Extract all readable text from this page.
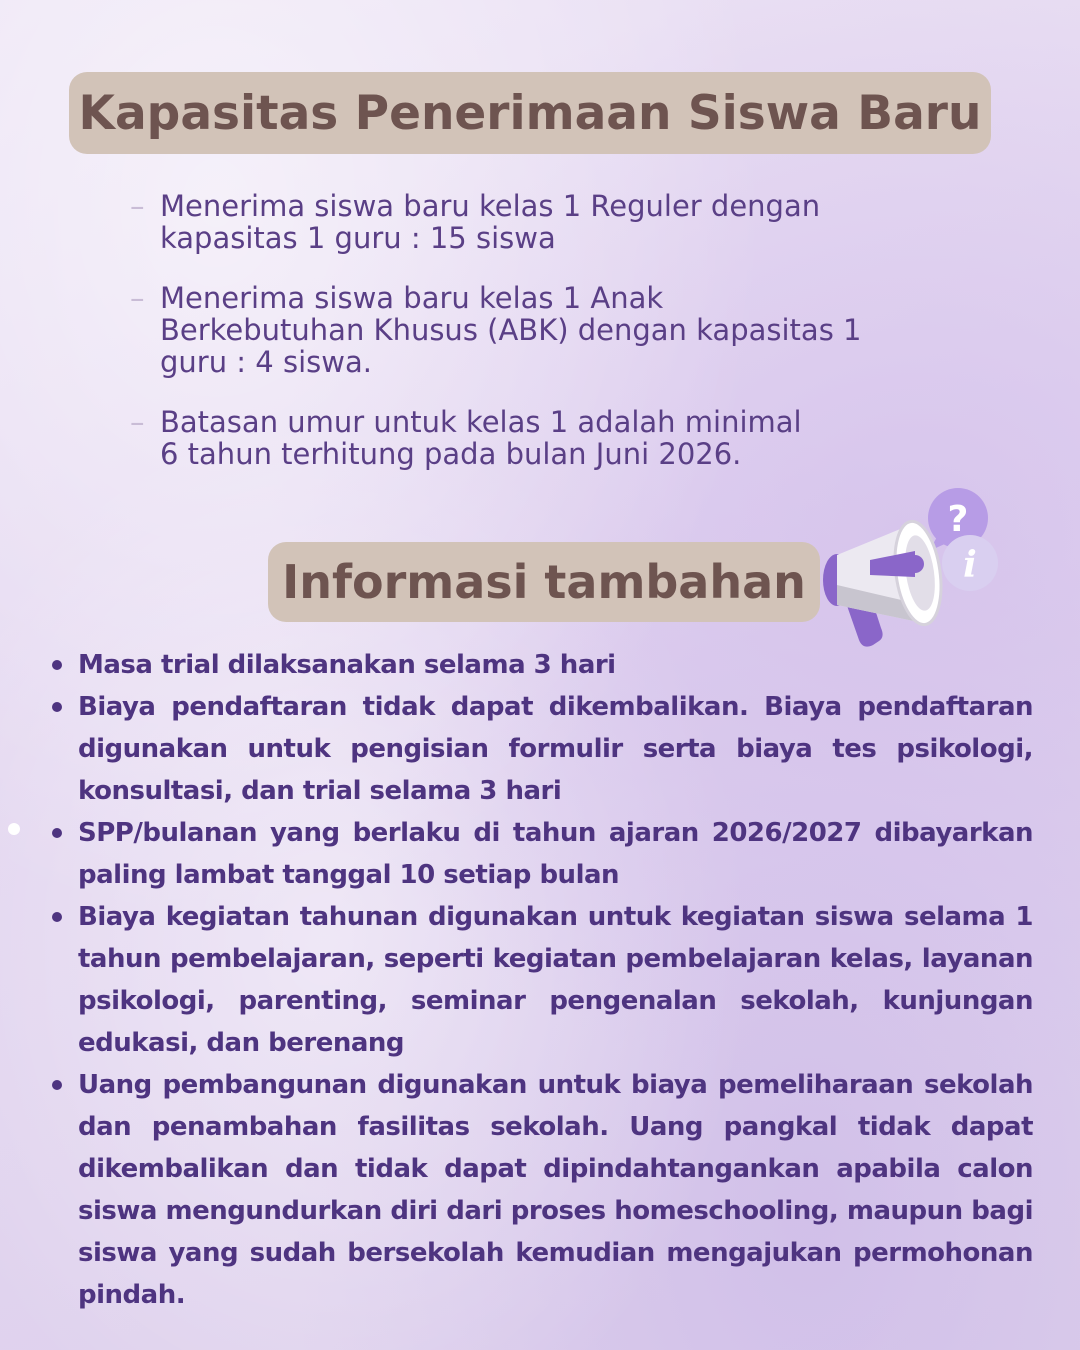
Kapasitas Penerimaan Siswa Baru
– Menerima siswa baru kelas 1 Reguler dengan
kapasitas 1 guru : 15 siswa
– Menerima siswa baru kelas 1 Anak
Berkebutuhan Khusus (ABK) dengan kapasitas 1
guru : 4 siswa.
– Batasan umur untuk kelas 1 adalah minimal
6 tahun terhitung pada bulan Juni 2026.
Informasi tambahan
?
i
Masa trial dilaksanakan selama 3 hari
Biaya pendaftaran tidak dapat dikembalikan. Biaya pendaftaran digunakan untuk pengisian formulir serta biaya tes psikologi, konsultasi, dan trial selama 3 hari
SPP/bulanan yang berlaku di tahun ajaran 2026/2027 dibayarkan paling lambat tanggal 10 setiap bulan
Biaya kegiatan tahunan digunakan untuk kegiatan siswa selama 1 tahun pembelajaran, seperti kegiatan pembelajaran kelas, layanan psikologi, parenting, seminar pengenalan sekolah, kunjungan edukasi, dan berenang
Uang pembangunan digunakan untuk biaya pemeliharaan sekolah dan penambahan fasilitas sekolah. Uang pangkal tidak dapat dikembalikan dan tidak dapat dipindahtangankan apabila calon siswa mengundurkan diri dari proses homeschooling, maupun bagi siswa yang sudah bersekolah kemudian mengajukan permohonan pindah.
